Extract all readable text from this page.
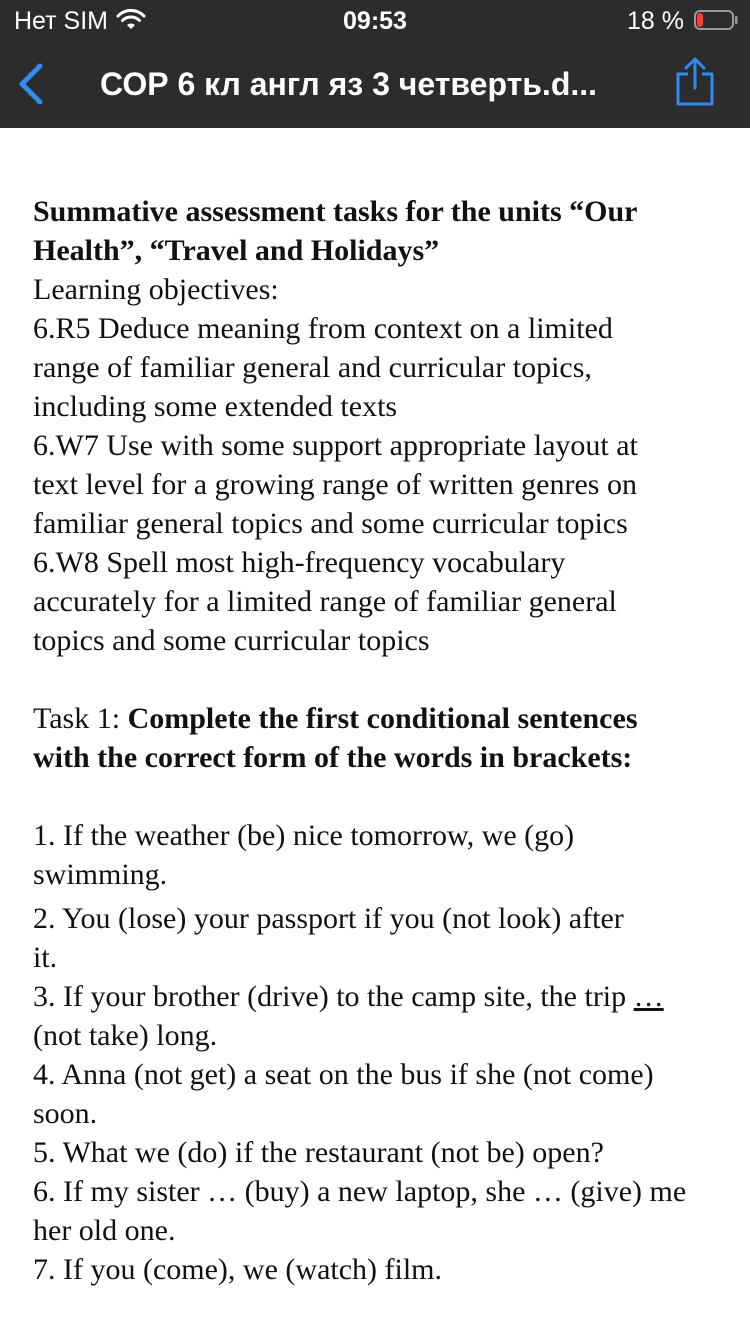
Нет SIM	09:53	18 %
СОР 6 кл англ яз 3 четверть.d...
Summative assessment tasks for the units “Our
Health”, “Travel and Holidays”
Learning objectives:
6.R5 Deduce meaning from context on a limited
range of familiar general and curricular topics,
including some extended texts
6.W7 Use with some support appropriate layout at
text level for a growing range of written genres on
familiar general topics and some curricular topics
6.W8 Spell most high-frequency vocabulary
accurately for a limited range of familiar general
topics and some curricular topics
Task 1: Complete the first conditional sentences
with the correct form of the words in brackets:
1. If the weather (be) nice tomorrow, we (go)
swimming.
2. You (lose) your passport if you (not look) after
it.
3. If your brother (drive) to the camp site, the trip …
(not take) long.
4. Anna (not get) a seat on the bus if she (not come)
soon.
5. What we (do) if the restaurant (not be) open?
6. If my sister … (buy) a new laptop, she … (give) me
her old one.
7. If you (come), we (watch) film.
